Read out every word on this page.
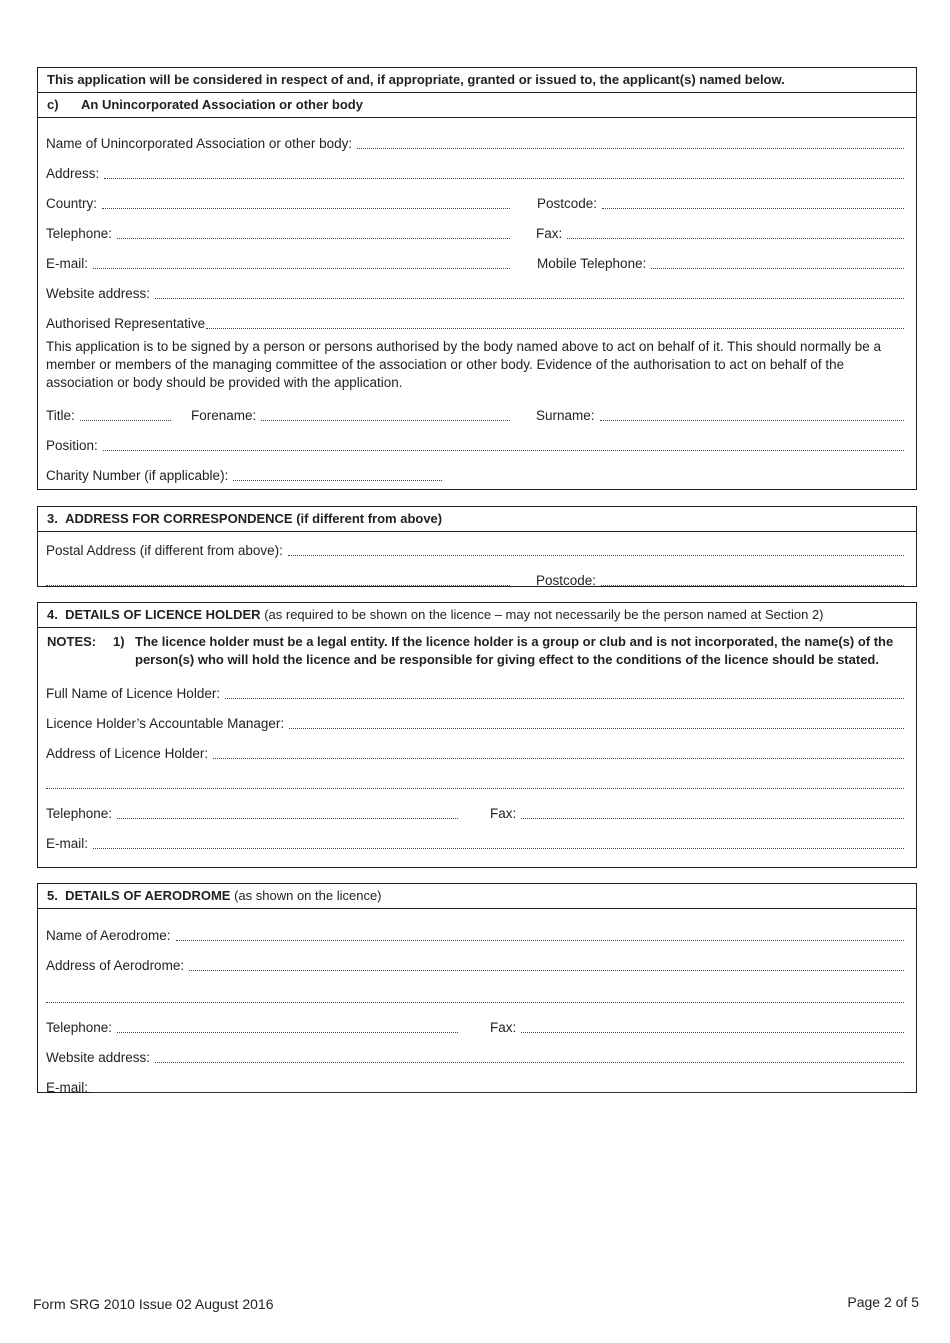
This application will be considered in respect of and, if appropriate, granted or issued to, the applicant(s) named below.
c) An Unincorporated Association or other body
Name of Unincorporated Association or other body:
Address:
Country:	Postcode:
Telephone:	Fax:
E-mail:	Mobile Telephone:
Website address:
Authorised Representative
This application is to be signed by a person or persons authorised by the body named above to act on behalf of it. This should normally be a member or members of the managing committee of the association or other body. Evidence of the authorisation to act on behalf of the association or body should be provided with the application.
Title:	Forename:	Surname:
Position:
Charity Number (if applicable):
3. ADDRESS FOR CORRESPONDENCE (if different from above)
Postal Address (if different from above):
Postcode:
4. DETAILS OF LICENCE HOLDER (as required to be shown on the licence – may not necessarily be the person named at Section 2)
NOTES:	1) The licence holder must be a legal entity. If the licence holder is a group or club and is not incorporated, the name(s) of the person(s) who will hold the licence and be responsible for giving effect to the conditions of the licence should be stated.
Full Name of Licence Holder:
Licence Holder’s Accountable Manager:
Address of Licence Holder:
Telephone:	Fax:
E-mail:
5. DETAILS OF AERODROME (as shown on the licence)
Name of Aerodrome:
Address of Aerodrome:
Telephone:	Fax:
Website address:
E-mail:
Form SRG 2010 Issue 02 August 2016	Page 2 of 5
